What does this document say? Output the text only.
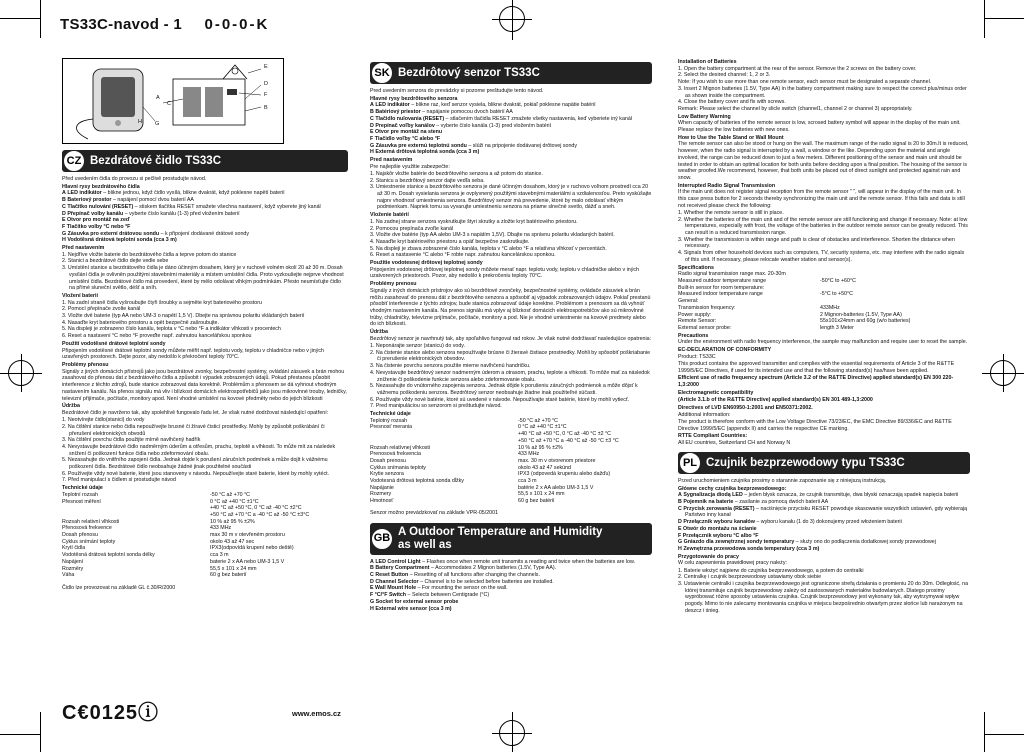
TS33C-navod - 1 0-0-0-K
E
D
F
B
A
C
G
H
CZ Bezdrátové čidlo TS33C
Před uvedením čidla do provozu si pečlivě prostudujte návod.
Hlavní rysy bezdrátového čidla
A LED indikátor – bliknе jednou, když čidlo vysílá, blikne dvakrát, když poklesne napětí baterií
B Bateriový prostor – napájení pomocí dvou baterií AA
C Tlačítko nulování (RESET) – stiskem tlačítka RESET smažete všechna nastavení, když vyberete jiný kanál
D Přepínač volby kanálu – vyberte číslo kanálu (1-3) před vložením baterií
E Otvor pro montáž na zeď
F Tlačítko volby °C nebo °F
G Zásuvka pro externí drátovou sondu – k připojení dodávané drátové sondy
H Vodotěsná drátová teplotní sonda (cca 3 m)
Před nastavením
1. Nejdříve vložte baterie do bezdrátového čidla a teprve potom do stanice
2. Stanici a bezdrátové čidlo dejte vedle sebe
3. Umístění stanice a bezdrátového čidla je dáno účinným dosahem, který je v ruchově volném okolí 20 až 30 m. Dosah vysílání čidla je ovlivněn použitými stavebními materiály a místem umístění čidla. Proto vyzkoušejte nejprve vhodnost umístění čidla. Bezdrátové čidlo má provedení, které by mělo odolávat vlhkým podmínkám. Přesto neumísťujte čidlo na přímé sluneční světlo, déšť a sníh.
Vložení baterií
1. Na zadní straně čidla vyšroubujte čtyři šroubky a sejměte kryt bateriového prostoru
2. Pomocí přepínače zvolte kanál
3. Vložte dvě baterie (typ AA nebo UM-3 o napětí 1,5 V). Dbejte na správnou polaritu vkládaných baterií
4. Nasaďte kryt bateriového prostoru a opět bezpečně zašroubujte.
5. Na displeji je zobrazeno číslo kanálu, teplota v °C nebo °F a indikátor vlhkosti v procentech
6. Reset a nastavení °C nebo °F proveďte např. zahnutou kancelářskou sponkou
Použití vodotěsné drátové teplotní sondy
Připojením vodotěsné drátové teplotní sondy můžete měřit např. teplotu vody, teplotu v chladničce nebo v jiných uzavřených prostorech. Dejte pozor, aby nedošlo k překročení teploty 70°C.
Problémy přenosu
Signály z jiných domácích přístrojů jako jsou bezdrátové zvonky, bezpečnostní systémy, ovládání zásuvek a brán mohou zasahovat do přenosu dat z bezdrátového čidla a způsobit i výpadek zobrazených údajů. Pokud přestanou působit interference z těchto zdrojů, bude stanice zobrazovat data korektně. Problémům s přenosem se dá vyhnout vhodným nastavením kanálu. Na přenos signálu má vliv i blízkost domácích elektrospotřebičů jako jsou mikrovlnné trouby, ledničky, televizní přijímače, počítače, monitory apod. Není vhodné umístění na kovové předměty nebo do jejich blízkosti
Údržba
Bezdrátové čidlo je navrženo tak, aby spolehlivě fungovalo řadu let. Je však nutné dodržovat následující opatření:
1. Neotvírejte čidlo(stanici) do vody
2. Na čištění stanice nebo čidla nepoužívejte brusné či žíravé čisticí prostředky. Mohly by způsobit poškrábání či přerušení elektronických obvodů
3. Na čištění povrchu čidla použijte mírně navlhčený hadřík
4. Nevystavujte bezdrátové čidlo nadměrným úderům a otřesům, prachu, teplotě a vlhkosti. To může mít za následek snížení či poškození funkce čidla nebo zdeformování obalu.
5. Nezasahujte do vnitřního zapojení čidla. Jednak dojde k porušení záručních podmínek a může dojít k vážnému poškození čidla. Bezdrátové čidlo neobsahuje žádné jinak použitelné součásti
6. Používejte vždy nové baterie, které jsou stanoveny v návodu. Nepoužívejte staré baterie, které by mohly vytéct.
7. Před manipulací s čidlem si prostudujte návod
Technické údaje
Teplotní rozsah	-50 °C až +70 °C
Přesnost měření	0 °C až +40 °C ±1°C
+40 °C až +50 °C, 0 °C až -40 °C ±2°C
+50 °C až +70 °C a -40 °C až -50 °C ±3°C
Rozsah relativní vlhkosti	10 % až 95 % ±2%
Přenosová frekvence	433 MHz
Dosah přenosu	max 30 m v otevřeném prostoru
Cyklus snímání teploty	okolo 43 až 47 sec
Krytí čidla	IPX3(odpovídá krupení nebo deště)
Vodotěsná drátová teplotní sonda délky	cca 3 m
Napájení	baterie 2 x AA nebo UM-3 1,5 V
Rozměry	55,5 x 101 x 24 mm
Váha	60 g bez baterií
Čidlo lze provozovat na základě GL č.30/R/2000
SK Bezdrôtový senzor TS33C
Pred uvedením senzora do prevádzky si pozorne preštudujte tento návod.
Hlavné rysy bezdrôtového senzora
A LED indikátor – blikne raz, keď senzor vysiela, blikne dvakrát, pokiaľ poklesne napätie batérií
B Batériový priestor – napájanie pomocou dvoch batérií AA
C Tlačidlo nulovania (RESET) – stlačením tlačidla RESET zmažete všetky nastavenia, keď vyberiete iný kanál
D Prepínač voľby kanálov – vyberte číslo kanála (1-3) pred vložením batérií
E Otvor pre montáž na stenu
F Tlačidlo voľby °C alebo °F
G Zásuvka pre externú teplotnú sondu – slúži na pripojenie dodávanej drôtovej sondy
H Externá drôtová teplotná sonda (cca 3 m)
Pred nastavením
Pre najlepšie využitie zabezpečte:
1. Najskôr vložte batérie do bezdrôtového senzora a až potom do stanice.
2. Stanicu a bezdrôtový senzor dajte vedľa seba.
3. Umiestnenie stanice a bezdrôtového senzora je dané účinným dosahom, ktorý je v ruchovo voľnom prostredí cca 20 až 30 m. Dosah vysielania senzora je ovplyvnený použitými stavebnými materiálmi a vzdialenosťou. Preto vyskúšajte najprv vhodnosť umiestnenia senzora. Bezdrôtový senzor má prevedenie, ktoré by malo odolávať vlhkým podmienkam. Napriek tomu sa vyvarujte umiestneniu senzora na priame slnečné svetlo, dážď a sneh.
Vloženie batérií
1. Na zadnej strane senzora vyskrutkujte štyri skrutky a zložte kryt batériového priestoru.
2. Pomocou prepínača zvoľte kanál
3. Vložte dve batérie (typ AA alebo UM-3 s napätím 1,5V). Dbajte na správnu polaritu vkladaných batérií.
4. Nasaďte kryt batériového priestoru a opäť bezpečne zaskrutkujte.
5. Na displeji je zbava zobrazené číslo kanála, teplota v °C alebo °F a relatívna vlhkosť v percentách.
6. Reset a nastavenie °C alebo °F robte napr. zahnutou kancelárskou sponkou.
Použitie vodotesnej drôtovej teplotnej sondy
Pripojením vodotesnej drôtovej teplotnej sondy môžete merať napr. teplotu vody, teplotu v chladničke alebo v iných uzatvorených priestoroch. Pozor, aby nedošlo k prekročeniu teploty 70°C.
Problémy prenosu
Signály z iných domácich prístrojov ako sú bezdrôtové zvončeky, bezpečnostné systémy, ovládače zásuviek a brán môžu zasahovať do prenosu dát z bezdrôtového senzora a spôsobiť aj výpadok zobrazovaných údajov. Pokiaľ prestanú pôsobiť interferencie z týchto zdrojov, bude stanica zobrazovať údaje korektne. Problémom s prenosom sa dá vyhnúť vhodným nastavením kanála. Na prenos signálu má vplyv aj blízkosť domácich elektrospotrebičov ako sú mikrovlnné trúby, chladničky, televízne prijímače, počítače, monitory a pod. Nie je vhodné umiestnenie na kovové predmety alebo do ich blízkosti.
Údržba
Bezdrôtový senzor je navrhnutý tak, aby spoľahlivo fungoval rad rokov. Je však nutné dodržiavať nasledujúce opatrenia:
1. Neponárajte senzor (stanicu) do vody.
2. Na čistenie stanice alebo senzora nepoužívajte brúsne či žieravé čistiace prostriedky. Mohli by spôsobiť poškriabanie či prerušenie elektronických obvodov.
3. Na čistenie povrchu senzora použite mierne navlhčenú handričku.
4. Nevystavujte bezdrôtový senzor nadmerným úderom a otrasom, prachu, teplote a vlhkosti. To môže mať za následok zníženie či poškodenie funkcie senzora alebo zdeformovanie obalu.
5. Nezasahujte do vnútorného zapojenia senzora. Jednak dôjde k porušeniu záručných podmienok a môže dôjsť k vážnemu poškodeniu senzora. Bezdrôtový senzor neobsahuje žiadne inak použiteľné súčasti.
6. Používajte vždy nové batérie, ktoré sú uvedené v návode. Nepoužívajte staré batérie, ktoré by mohli vytiecť.
7. Pred manipuláciou so senzorom si preštudujte návod.
Technické údaje
Teplotný rozsah	-50 °C až +70 °C
Presnosť merania	0 °C až +40 °C ±1°C
+40 °C až +50 °C, 0 °C až -40 °C ±2 °C
+50 °C až +70 °C a -40 °C až -50 °C ±3 °C
Rozsah relatívnej vlhkosti	10 % až 95 % ±2%
Prenosová frekvencia	433 MHz
Dosah prenosu	max. 30 m v otvorenom priestore
Cyklus snímania teploty	okolo 43 až 47 sekúnd
Krytie senzora	IPX3 (odpovedá krupeniu alebo dažďu)
Vodotesná drôtová teplotná sonda dĺžky	cca 3 m
Napájanie	batérie 2 x AA alebo UM-3 1,5 V
Rozmery	55,5 x 101 x 24 mm
Hmotnosť	60 g bez batérií
Senzor možno prevádzkovať na základe VPR-05/2001
GB
A Outdoor Temperature and Humidity as well as
A LED Control Light – Flashes once when remote unit transmits a reading and twice when the batteries are low.
B Battery Compartment – Accommodates 2 Mignon batteries (1.5V, Type AA).
C Reset Button – Resetting of all functions after changing the channels.
D Channel Selector – Channel is to be selected before batteries are installed.
E Wall Mount Hole – For mounting the sensor on the wall.
F °C/°F Switch – Selects between Centigrade (°C)
G Socket for external sensor probe
H External wire sensor (cca 3 m)
Installation of Batteries
1. Open the battery compartment at the rear of the sensor. Remove the 2 screws on the battery cover.
2. Select the desired channel: 1, 2 or 3.
Note: If you wish to use more than one remote sensor, each sensor must be designated a separate channel.
3. Insert 2 Mignon batteries (1.5V, Type AA) in the battery compartment making sure to respect the correct plus/minus order as shown inside the compartment.
4. Close the battery cover and fix with screws.
Remark: Please select the channel by slicle switch (channel1, channel 2 or channel 3) appropriately.
Low Battery Warning
When capacity of batteries of the remote sensor is low, scrosed battery symbol will appear in the display of the main unit. Please replace the low batteries with new ones.
How to Use the Table Stand or Wall Mount
The remote sensor can also be stood or hung on the wall. The maximum range of the radio signal is 20 to 30m.It is reduced, however, when the radio signal is interrupted by a wall, a window or the like. Depending upon the material and angle involved, the range can be reduced down to just a few meters. Different positioning of the sensor and main unit should be tested in order to obtain an optimal location for both units before deciding upon a final position. The housing of the sensor is weather proofed.We recommend, however, that both units be placed out of direct sunlight and protected against rain and snow.
Interrupted Radio Signal Transmission
If the main unit does not register signal reception from the remote sensor " ", will appear in the display of the main unit. In this case press button for 2 seconds thereby synchronizing the main unit and the remote sensor. If this fails and data is still not received please check the following:
1. Whether the remote sensor is still in place.
2. Whether the batteries of the main unit and of the remote sensor are still functioning and change if necessary. Note: at low temperatures, especially with frost, the voltage of the batteries in the outdoor remote sensor can be greatly reduced. This can result in a reduced transmission range.
3. Whether the transmission is within range and path is clear of obstacles and interference. Shorten the distance when necessary.
4. Signals from other household devices such as computers, TV, security systems, etc. may interfere with the radio signals of this unit. If necessary, please relocate weather station and sensor(s).
Specifications
Radio signal transmission range max. 20-30m
Measured outdoor temperature range	-50°C to +60°C
Built-in sensor for room temperature:
Measured indoor temperature range	-5°C to +50°C
General:
Transmission frequency:	433MHz
Power supply:	2 Mignon-batteries (1.5V, Type AA)
Remote Sensor:	55x101x24mm and 60g (w/o batteries)
External sensor probe:	length 3 Meter
Precautions
Under the environment with radio frequency interference, the sample may malfunction and require user to reset the sample.
EC-DECLARATION OF CONFORMITY
Product: TS33C
This product contains the approved transmitter and complies with the essential requirements of Article 3 of the R&TTE 1999/5/EC Directives, if used for its intended use and that the following standard(s) has/have been applied.
Efficient use of radio frequency spectrum (Article 3.2 of the R&TTE Directive) applied standard(s) EN 300 220-1,3:2000
Electromagnetic compatibility
(Article 3.1.b of the R&TTE Directive) applied standard(s) EN 301 489-1,3:2000
Directives of LVD EN60950-1:2001 and EN50371:2002.
Additional information:
The product is therefore conform with the Low Voltage Directive 73/23/EC, the EMC Directive 89/336/EC and R&TTE Directive 1999/5/EC (appendix II) and carries the respective CE marking.
RTTE Compliant Countries:
All EU countries, Switzerland CH and Norway N
PL Czujnik bezprzewodowy typu TS33C
Przed uruchomieniem czujnika prosimy o starannie zapoznanie się z niniejszą instrukcją.
Główne cechy czujnika bezprzewodowego:
A Sygnalizacja diodą LED – jeden błysk oznacza, że czujnik transmituje, dwa błyski oznaczają spadek napięcia baterii
B Pojemnik na baterie – zasilanie za pomocą dwóch baterii AA
C Przycisk zerowania (RESET) – naciśnięcie przycisku RESET powoduje skasowanie wszystkich ustawień, gdy wybierają Państwo inny kanał
D Przełącznik wyboru kanałów – wyboru kanału (1 do 3) dokonujemy przed włożeniem baterii
E Otwór do montażu na ścianie
F Przełącznik wyboru °C albo °F
G Gniazdo dla zewnętrznej sondy temperatury – służy ono do podłączenia dodatkowej sondy przewodowej
H Zewnętrzna przewodowa sonda temperatury (cca 3 m)
Przygotowanie do pracy
W celu zapewnienia prawidłowej pracy należy:
1. Baterie włożyć najpierw do czujnika bezprzewodowego, a potem do centralki
2. Centralkę i czujnik bezprzewodowy ustawiamy obok siebie
3. Ustawienie centralki i czujnika bezprzewodowego jest ograniczone strefą działania o promieniu 20 do 30m. Odległość, na której transmituje czujnik bezprzewodowy zależy od zastosowanych materiałów budowlanych. Dlatego prosimy wypróbować różne sposoby ustawienia czujnika. Czujnik bezprzewodowy jest wykonany tak, aby wytrzymywał wpływ pogody. Mimo to nie zalecamy montowania czujnika w miejscu bezpośrednio otwartym przez słońce lub narażonym na deszcz i śnieg.
C€0125ⓘ	www.emos.cz
